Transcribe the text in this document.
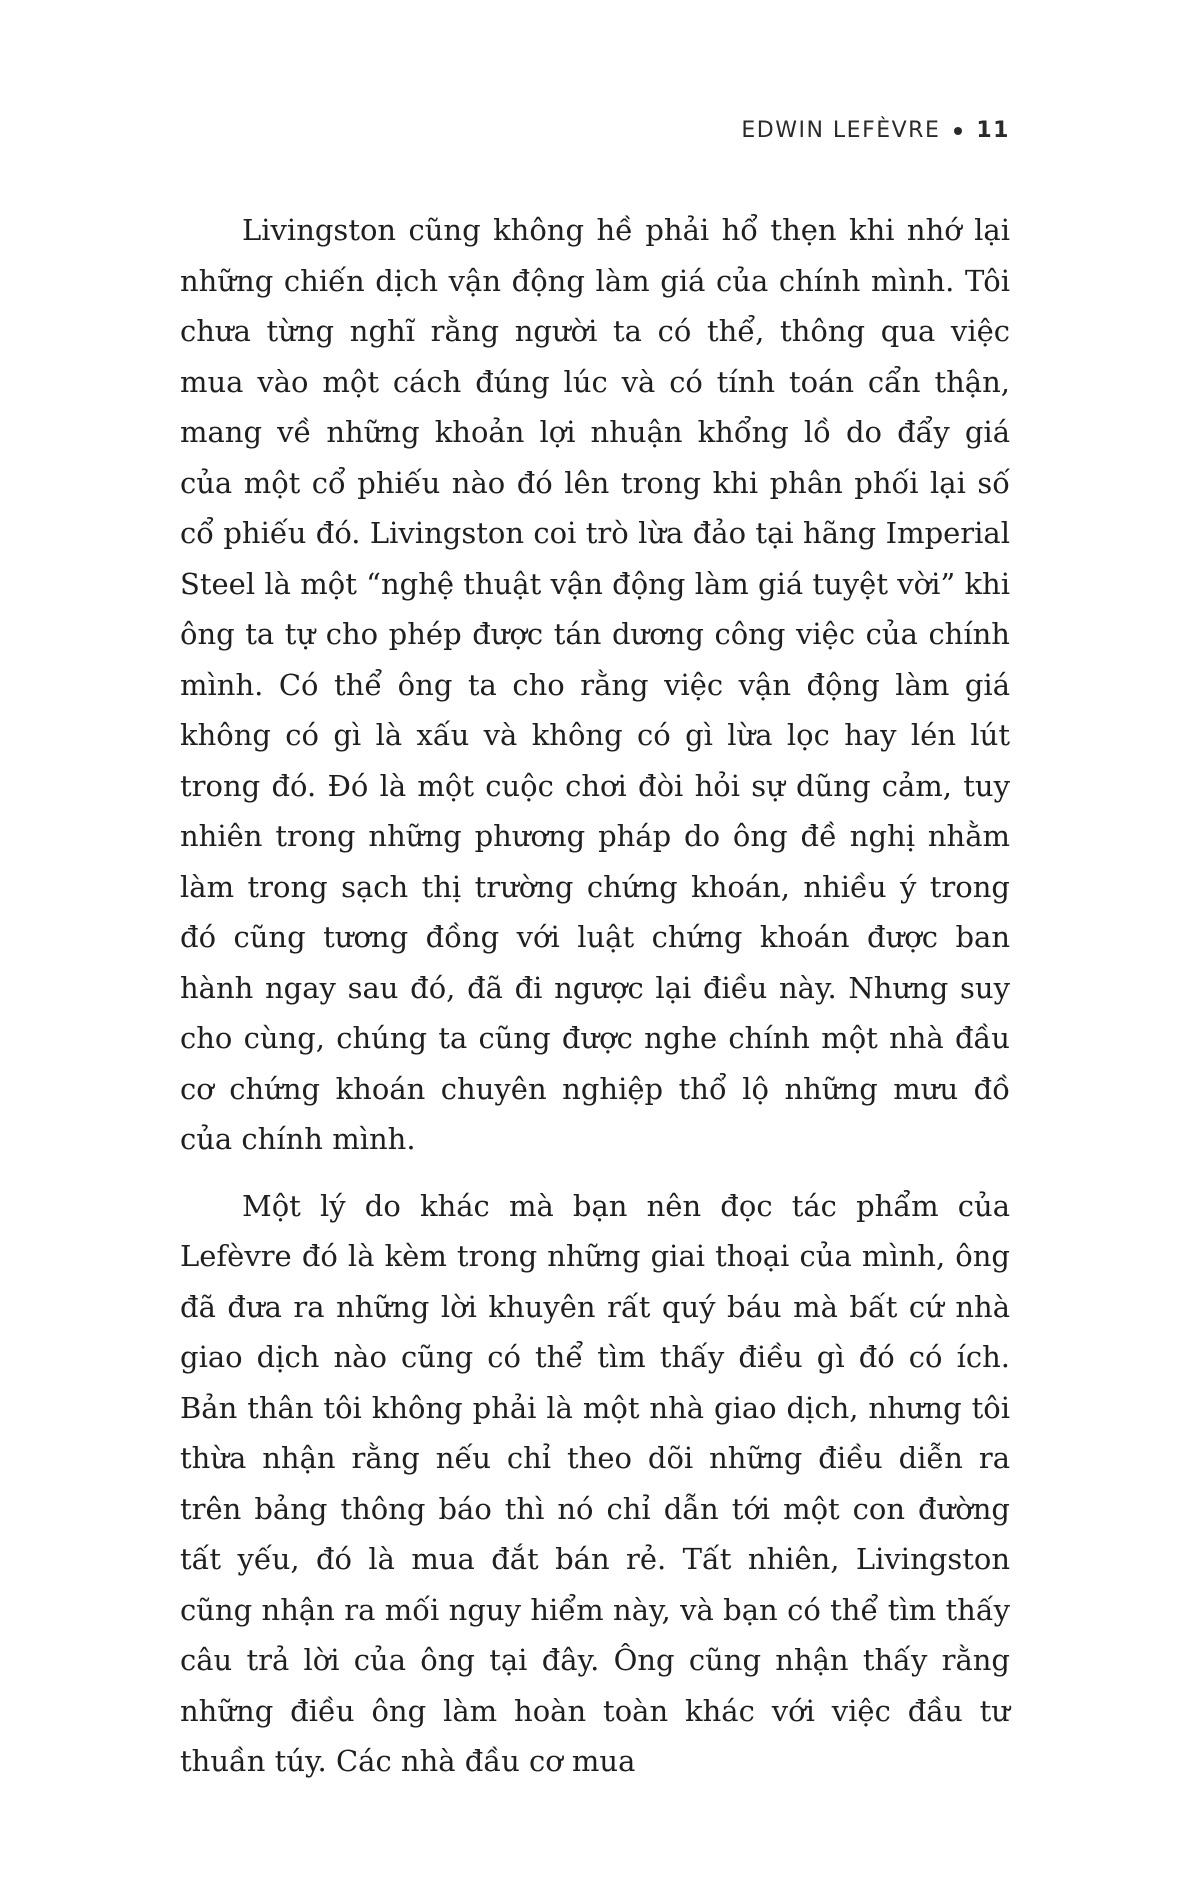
EDWIN LEFÈVRE 11

Livingston cũng không hề phải hổ thẹn khi nhớ lại những chiến dịch vận động làm giá của chính mình. Tôi chưa từng nghĩ rằng người ta có thể, thông qua việc mua vào một cách đúng lúc và có tính toán cẩn thận, mang về những khoản lợi nhuận khổng lồ do đẩy giá của một cổ phiếu nào đó lên trong khi phân phối lại số cổ phiếu đó. Livingston coi trò lừa đảo tại hãng Imperial Steel là một “nghệ thuật vận động làm giá tuyệt vời” khi ông ta tự cho phép được tán dương công việc của chính mình. Có thể ông ta cho rằng việc vận động làm giá không có gì là xấu và không có gì lừa lọc hay lén lút trong đó. Đó là một cuộc chơi đòi hỏi sự dũng cảm, tuy nhiên trong những phương pháp do ông đề nghị nhằm làm trong sạch thị trường chứng khoán, nhiều ý trong đó cũng tương đồng với luật chứng khoán được ban hành ngay sau đó, đã đi ngược lại điều này. Nhưng suy cho cùng, chúng ta cũng được nghe chính một nhà đầu cơ chứng khoán chuyên nghiệp thổ lộ những mưu đồ của chính mình.

Một lý do khác mà bạn nên đọc tác phẩm của Lefèvre đó là kèm trong những giai thoại của mình, ông đã đưa ra những lời khuyên rất quý báu mà bất cứ nhà giao dịch nào cũng có thể tìm thấy điều gì đó có ích. Bản thân tôi không phải là một nhà giao dịch, nhưng tôi thừa nhận rằng nếu chỉ theo dõi những điều diễn ra trên bảng thông báo thì nó chỉ dẫn tới một con đường tất yếu, đó là mua đắt bán rẻ. Tất nhiên, Livingston cũng nhận ra mối nguy hiểm này, và bạn có thể tìm thấy câu trả lời của ông tại đây. Ông cũng nhận thấy rằng những điều ông làm hoàn toàn khác với việc đầu tư thuần túy. Các nhà đầu cơ mua
